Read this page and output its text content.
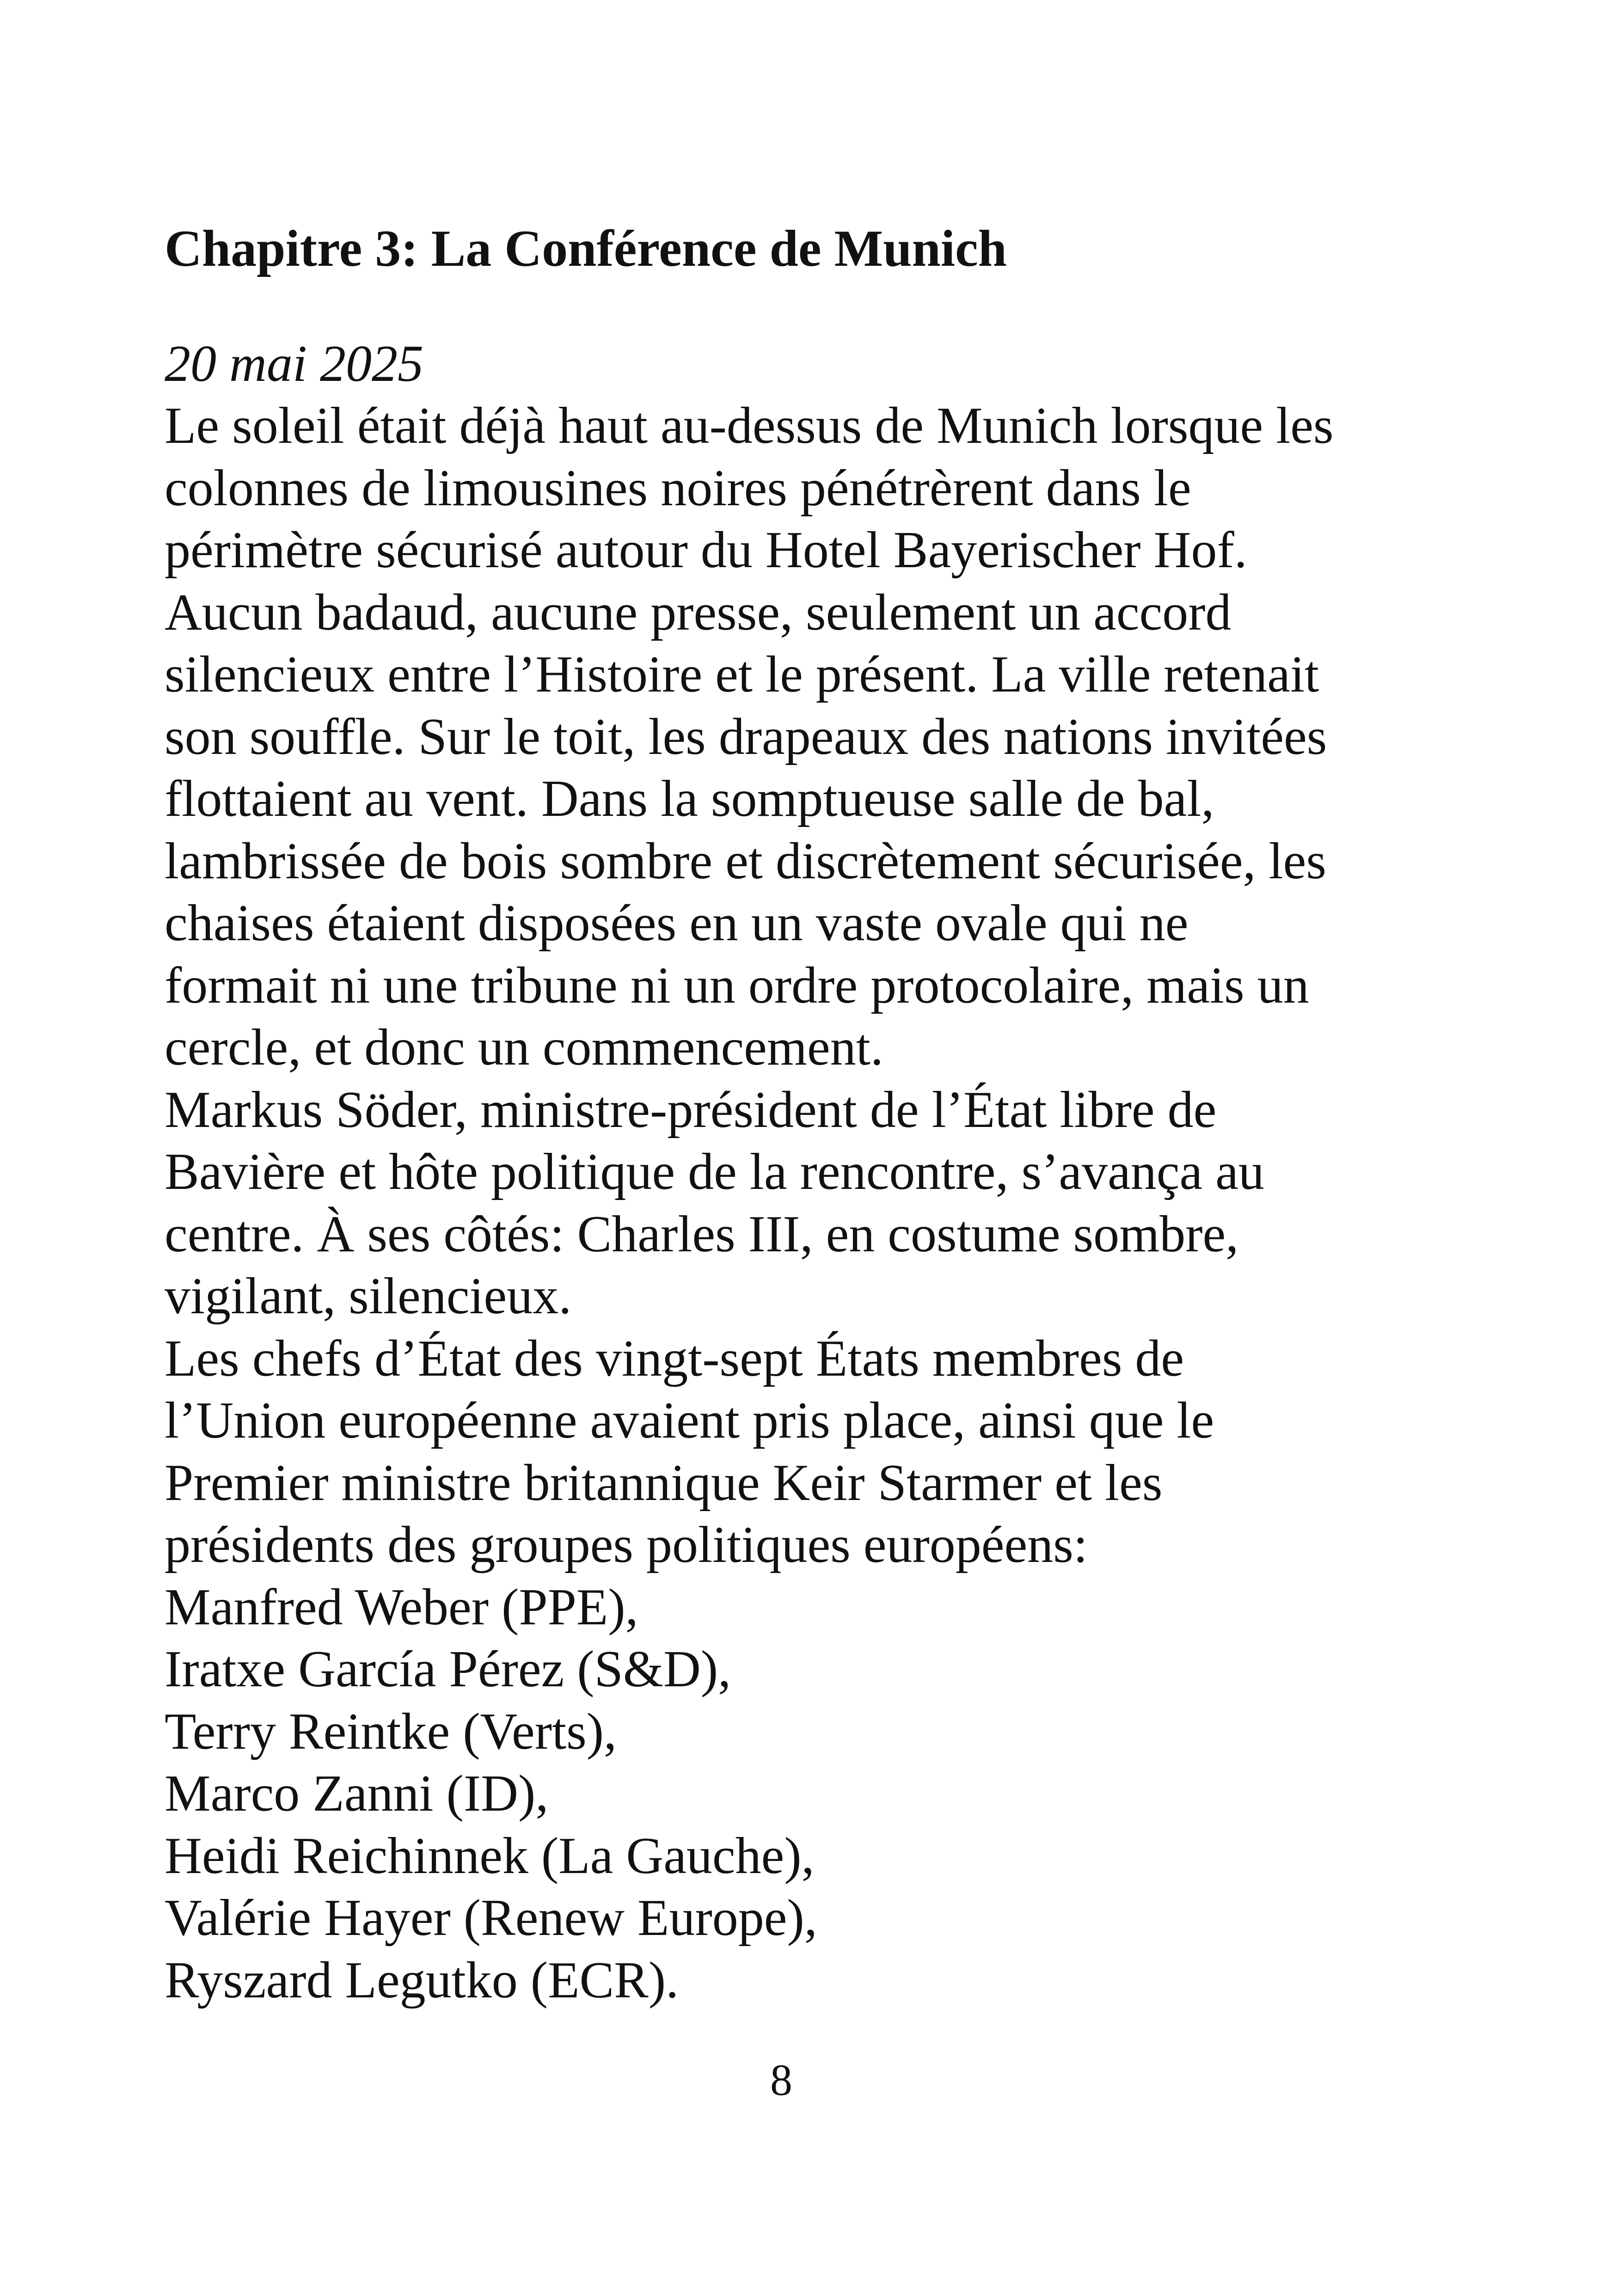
Chapitre 3: La Conférence de Munich

20 mai 2025

Le soleil était déjà haut au-dessus de Munich lorsque les
colonnes de limousines noires pénétrèrent dans le
périmètre sécurisé autour du Hotel Bayerischer Hof.
Aucun badaud, aucune presse, seulement un accord
silencieux entre l’Histoire et le présent. La ville retenait
son souffle. Sur le toit, les drapeaux des nations invitées
flottaient au vent. Dans la somptueuse salle de bal,
lambrissée de bois sombre et discrètement sécurisée, les
chaises étaient disposées en un vaste ovale qui ne
formait ni une tribune ni un ordre protocolaire, mais un
cercle, et donc un commencement.
Markus Söder, ministre-président de l’État libre de
Bavière et hôte politique de la rencontre, s’avança au
centre. À ses côtés: Charles III, en costume sombre,
vigilant, silencieux.
Les chefs d’État des vingt-sept États membres de
l’Union européenne avaient pris place, ainsi que le
Premier ministre britannique Keir Starmer et les
présidents des groupes politiques européens:
Manfred Weber (PPE),
Iratxe García Pérez (S&D),
Terry Reintke (Verts),
Marco Zanni (ID),
Heidi Reichinnek (La Gauche),
Valérie Hayer (Renew Europe),
Ryszard Legutko (ECR).

8
